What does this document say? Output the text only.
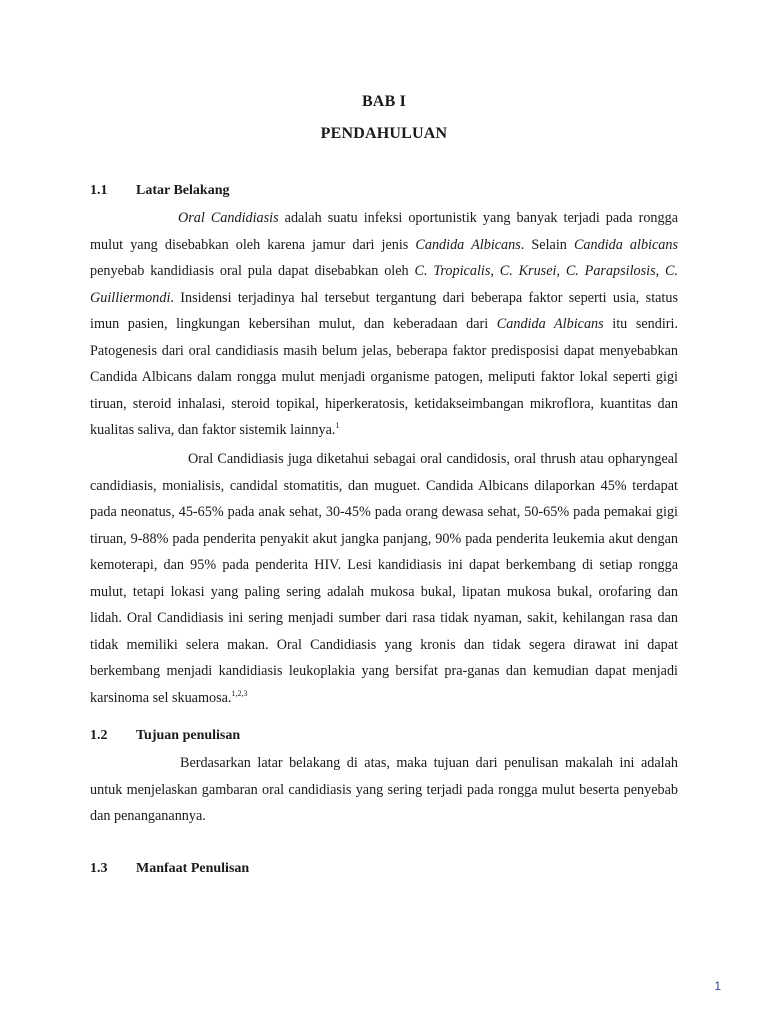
BAB I
PENDAHULUAN
1.1 Latar Belakang

Oral Candidiasis adalah suatu infeksi oportunistik yang banyak terjadi pada rongga mulut yang disebabkan oleh karena jamur dari jenis Candida Albicans. Selain Candida albicans penyebab kandidiasis oral pula dapat disebabkan oleh C. Tropicalis, C. Krusei, C. Parapsilosis, C. Guilliermondi. Insidensi terjadinya hal tersebut tergantung dari beberapa faktor seperti usia, status imun pasien, lingkungan kebersihan mulut, dan keberadaan dari Candida Albicans itu sendiri. Patogenesis dari oral candidiasis masih belum jelas, beberapa faktor predisposisi dapat menyebabkan Candida Albicans dalam rongga mulut menjadi organisme patogen, meliputi faktor lokal seperti gigi tiruan, steroid inhalasi, steroid topikal, hiperkeratosis, ketidakseimbangan mikroflora, kuantitas dan kualitas saliva, dan faktor sistemik lainnya.$^1$

Oral Candidiasis juga diketahui sebagai oral candidosis, oral thrush atau opharyngeal candidiasis, monialisis, candidal stomatitis, dan muguet. Candida Albicans dilaporkan 45% terdapat pada neonatus, 45-65% pada anak sehat, 30-45% pada orang dewasa sehat, 50-65% pada pemakai gigi tiruan, 9-88% pada penderita penyakit akut jangka panjang, 90% pada penderita leukemia akut dengan kemoterapi, dan 95% pada penderita HIV. Lesi kandidiasis ini dapat berkembang di setiap rongga mulut, tetapi lokasi yang paling sering adalah mukosa bukal, lipatan mukosa bukal, orofaring dan lidah. Oral Candidiasis ini sering menjadi sumber dari rasa tidak nyaman, sakit, kehilangan rasa dan tidak memiliki selera makan. Oral Candidiasis yang kronis dan tidak segera dirawat ini dapat berkembang menjadi kandidiasis leukoplakia yang bersifat pra-ganas dan kemudian dapat menjadi karsinoma sel skuamosa.$^{1,2,3}$

1.2 Tujuan penulisan

Berdasarkan latar belakang di atas, maka tujuan dari penulisan makalah ini adalah untuk menjelaskan gambaran oral candidiasis yang sering terjadi pada rongga mulut beserta penyebab dan penanganannya.

1.3 Manfaat Penulisan
1
